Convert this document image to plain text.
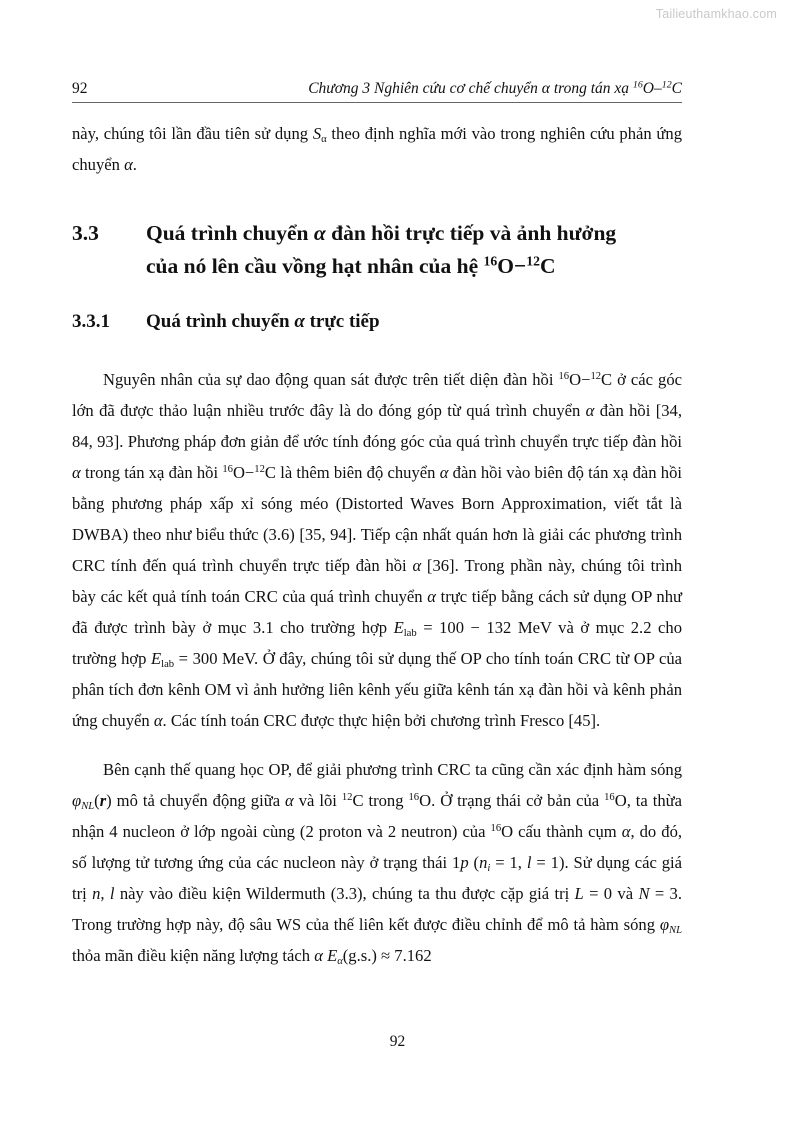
Tailieuthamkhao.com
92	Chương 3 Nghiên cứu cơ chế chuyển α trong tán xạ $^{16}$O–$^{12}$C

này, chúng tôi lần đầu tiên sử dụng $S_\alpha$ theo định nghĩa mới vào trong nghiên cứu phản ứng chuyển α.

3.3	Quá trình chuyển α đàn hồi trực tiếp và ảnh hưởng
của nó lên cầu vồng hạt nhân của hệ $^{16}$O−$^{12}$C
3.3.1	Quá trình chuyển α trực tiếp

Nguyên nhân của sự dao động quan sát được trên tiết diện đàn hồi $^{16}$O−$^{12}$C ở các góc lớn đã được thảo luận nhiều trước đây là do đóng góp từ quá trình chuyển α đàn hồi [34, 84, 93]. Phương pháp đơn giản để ước tính đóng góc của quá trình chuyển trực tiếp đàn hồi α trong tán xạ đàn hồi $^{16}$O−$^{12}$C là thêm biên độ chuyển α đàn hồi vào biên độ tán xạ đàn hồi bằng phương pháp xấp xỉ sóng méo (Distorted Waves Born Approximation, viết tắt là DWBA) theo như biểu thức (3.6) [35, 94]. Tiếp cận nhất quán hơn là giải các phương trình CRC tính đến quá trình chuyển trực tiếp đàn hồi α [36]. Trong phần này, chúng tôi trình bày các kết quả tính toán CRC của quá trình chuyển α trực tiếp bằng cách sử dụng OP như đã được trình bày ở mục 3.1 cho trường hợp $E_{lab} = 100 - 132$ MeV và ở mục 2.2 cho trường hợp $E_{lab} = 300$ MeV. Ở đây, chúng tôi sử dụng thế OP cho tính toán CRC từ OP của phân tích đơn kênh OM vì ảnh hưởng liên kênh yếu giữa kênh tán xạ đàn hồi và kênh phản ứng chuyển α. Các tính toán CRC được thực hiện bởi chương trình Fresco [45].

Bên cạnh thế quang học OP, để giải phương trình CRC ta cũng cần xác định hàm sóng $\varphi_{NL}(r)$ mô tả chuyển động giữa α và lõi $^{12}$C trong $^{16}$O. Ở trạng thái cở bản của $^{16}$O, ta thừa nhận 4 nucleon ở lớp ngoài cùng (2 proton và 2 neutron) của $^{16}$O cấu thành cụm α, do đó, số lượng tử tương ứng của các nucleon này ở trạng thái 1p ($n_i = 1$, l = 1). Sử dụng các giá trị n, l này vào điều kiện Wildermuth (3.3), chúng ta thu được cặp giá trị L = 0 và N = 3. Trong trường hợp này, độ sâu WS của thế liên kết được điều chỉnh để mô tả hàm sóng $\varphi_{NL}$ thỏa mãn điều kiện năng lượng tách α $E_\alpha(g.s.) \approx 7.162$

92
